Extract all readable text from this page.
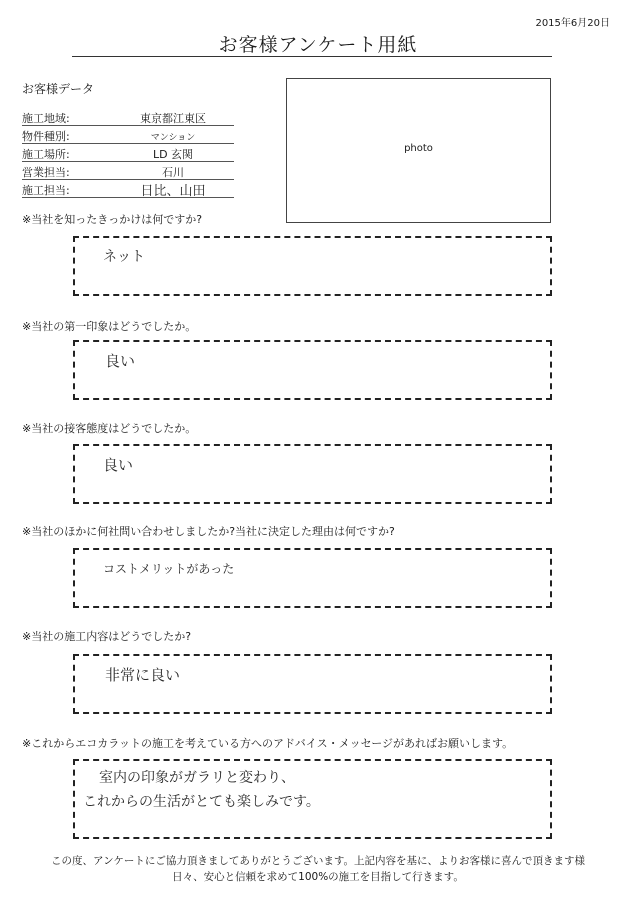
2015年6月20日
お客様アンケート用紙
お客様データ
施工地域:	東京都江東区
物件種別:	マンション
施工場所:	LD 玄関
営業担当:	石川
施工担当:	日比、山田
photo
※当社を知ったきっかけは何ですか?
ネット
※当社の第一印象はどうでしたか。
良い
※当社の接客態度はどうでしたか。
良い
※当社のほかに何社問い合わせしましたか?当社に決定した理由は何ですか?
コストメリットがあった
※当社の施工内容はどうでしたか?
非常に良い
※これからエコカラットの施工を考えている方へのアドバイス・メッセージがあればお願いします。
室内の印象がガラリと変わり、
これからの生活がとても楽しみです。
この度、アンケートにご協力頂きましてありがとうございます。上記内容を基に、よりお客様に喜んで頂きます様
日々、安心と信頼を求めて100%の施工を目指して行きます。
